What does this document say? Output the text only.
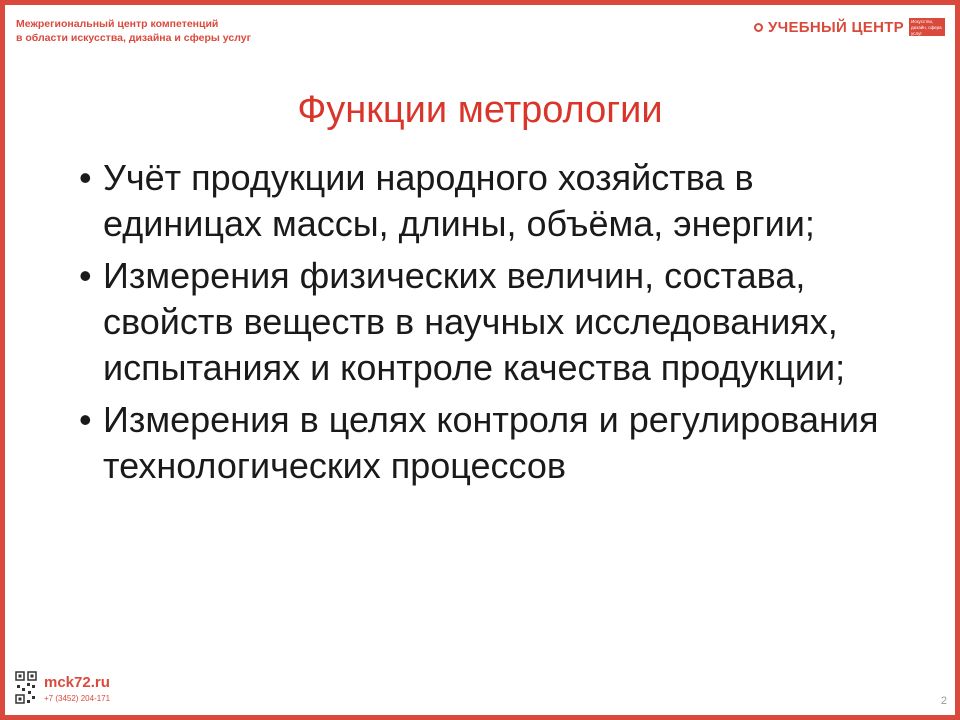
Межрегиональный центр компетенций
в области искусства, дизайна и сферы услуг
УЧЕБНЫЙ ЦЕНТР	Искусство, дизайн, сфера услуг
Функции метрологии
• Учёт продукции народного хозяйства в единицах массы, длины, объёма, энергии;
• Измерения физических величин, состава, свойств веществ в научных исследованиях, испытаниях и контроле качества продукции;
• Измерения в целях контроля и регулирования технологических процессов
mck72.ru
+7 (3452) 204-171	2
